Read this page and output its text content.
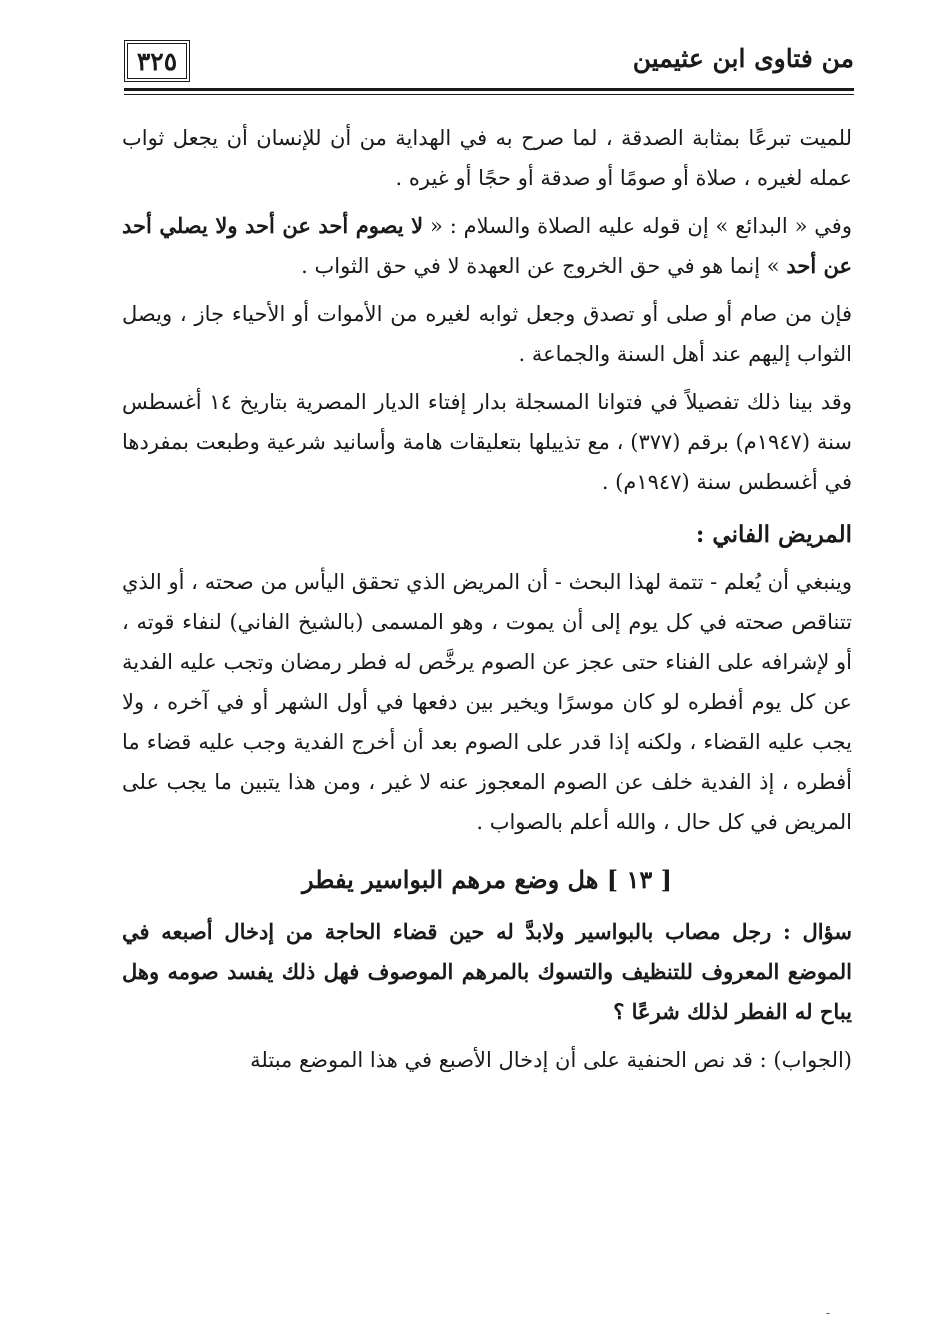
٣٢٥	من فتاوى ابن عثيمين

للميت تبرعًا بمثابة الصدقة ، لما صرح به في الهداية من أن للإنسان أن يجعل ثواب عمله لغيره ، صلاة أو صومًا أو صدقة أو حجًا أو غيره .

وفي « البدائع » إن قوله عليه الصلاة والسلام : « لا يصوم أحد عن أحد ولا يصلي أحد عن أحد » إنما هو في حق الخروج عن العهدة لا في حق الثواب .

فإن من صام أو صلى أو تصدق وجعل ثوابه لغيره من الأموات أو الأحياء جاز ، ويصل الثواب إليهم عند أهل السنة والجماعة .

وقد بينا ذلك تفصيلاً في فتوانا المسجلة بدار إفتاء الديار المصرية بتاريخ ١٤ أغسطس سنة (١٩٤٧م) برقم (٣٧٧) ، مع تذييلها بتعليقات هامة وأسانيد شرعية وطبعت بمفردها في أغسطس سنة (١٩٤٧م) .

المريض الفاني :

وينبغي أن يُعلم - تتمة لهذا البحث - أن المريض الذي تحقق اليأس من صحته ، أو الذي تتناقص صحته في كل يوم إلى أن يموت ، وهو المسمى (بالشيخ الفاني) لنفاء قوته ، أو لإشرافه على الفناء حتى عجز عن الصوم يرخَّص له فطر رمضان وتجب عليه الفدية عن كل يوم أفطره لو كان موسرًا ويخير بين دفعها في أول الشهر أو في آخره ، ولا يجب عليه القضاء ، ولكنه إذا قدر على الصوم بعد أن أخرج الفدية وجب عليه قضاء ما أفطره ، إذ الفدية خلف عن الصوم المعجوز عنه لا غير ، ومن هذا يتبين ما يجب على المريض في كل حال ، والله أعلم بالصواب .

[ ١٣ ] هل وضع مرهم البواسير يفطر

سؤال : رجل مصاب بالبواسير ولابدَّ له حين قضاء الحاجة من إدخال أصبعه في الموضع المعروف للتنظيف والتسوك بالمرهم الموصوف فهل ذلك يفسد صومه وهل يباح له الفطر لذلك شرعًا ؟

(الجواب) : قد نص الحنفية على أن إدخال الأصبع في هذا الموضع مبتلة

-
